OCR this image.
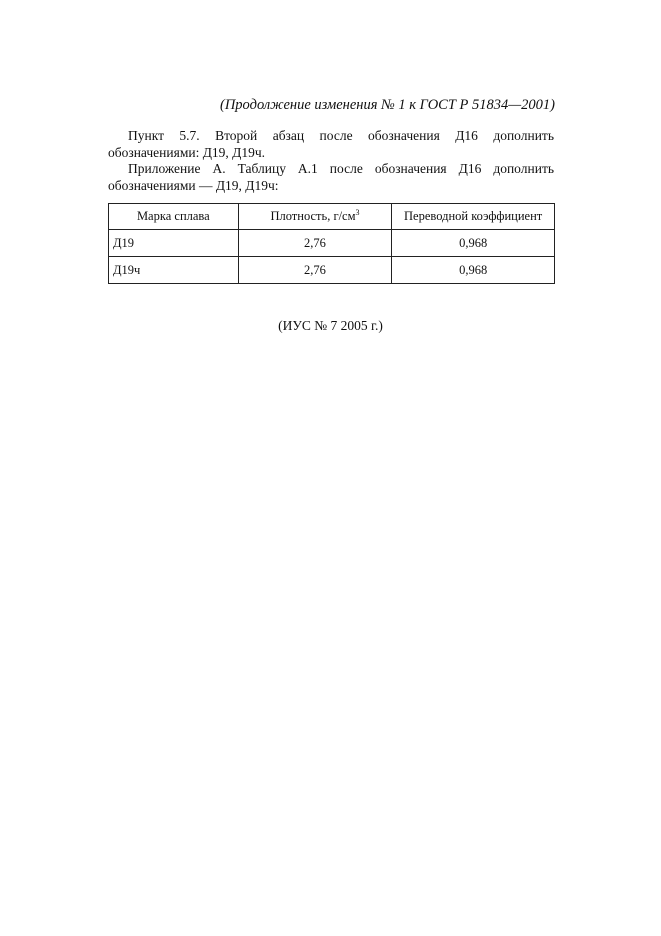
(Продолжение изменения № 1 к ГОСТ Р 51834—2001)

Пункт 5.7. Второй абзац после обозначения Д16 дополнить обозначениями: Д19, Д19ч.

Приложение А. Таблицу А.1 после обозначения Д16 дополнить обозначениями — Д19, Д19ч:

Марка сплава	Плотность, $г/см^3$	Переводной коэффициент
Д19	2,76	0,968
Д19ч	2,76	0,968
(ИУС № 7 2005 г.)
